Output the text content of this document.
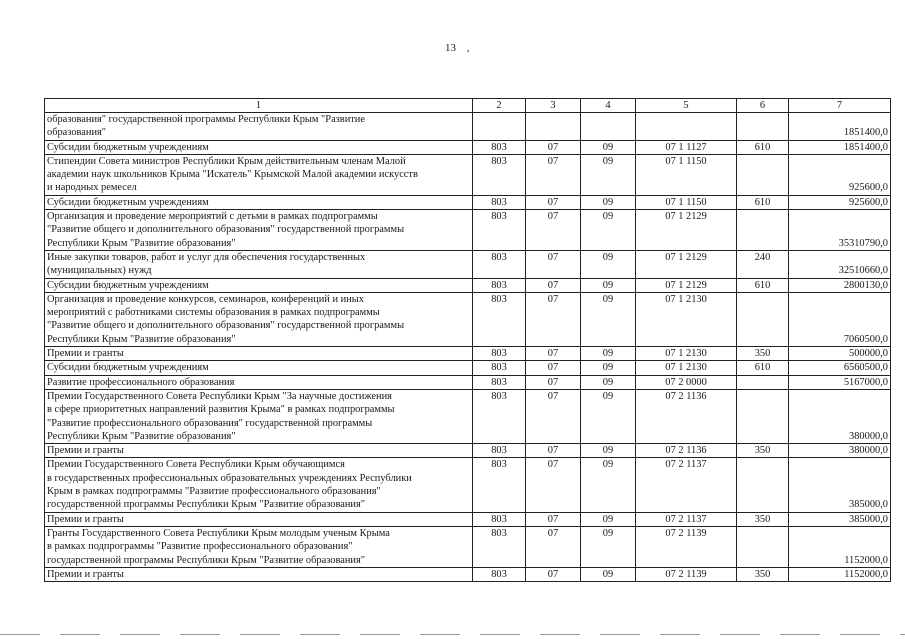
13 ,
1	2	3	4	5	6	7
образования" государственной программы Республики Крым "Развитие
образования"						1851400,0
Субсидии бюджетным учреждениям	803	07	09	07 1 1127	610	1851400,0
Стипендии Совета министров Республики Крым действительным членам Малой
академии наук школьников Крыма "Искатель" Крымской Малой академии искусств
и народных ремесел	803	07	09	07 1 1150		925600,0
Субсидии бюджетным учреждениям	803	07	09	07 1 1150	610	925600,0
Организация и проведение мероприятий с детьми в рамках подпрограммы
"Развитие общего и дополнительного образования" государственной программы
Республики Крым "Развитие образования"	803	07	09	07 1 2129		35310790,0
Иные закупки товаров, работ и услуг для обеспечения государственных
(муниципальных) нужд	803	07	09	07 1 2129	240	32510660,0
Субсидии бюджетным учреждениям	803	07	09	07 1 2129	610	2800130,0
Организация и проведение конкурсов, семинаров, конференций и иных
мероприятий с работниками системы образования в рамках подпрограммы
"Развитие общего и дополнительного образования" государственной программы
Республики Крым "Развитие образования"	803	07	09	07 1 2130		7060500,0
Премии и гранты	803	07	09	07 1 2130	350	500000,0
Субсидии бюджетным учреждениям	803	07	09	07 1 2130	610	6560500,0
Развитие профессионального образования	803	07	09	07 2 0000		5167000,0
Премии Государственного Совета Республики Крым "За научные достижения
в сфере приоритетных направлений развития Крыма" в рамках подпрограммы
"Развитие профессионального образования" государственной программы
Республики Крым "Развитие образования"	803	07	09	07 2 1136		380000,0
Премии и гранты	803	07	09	07 2 1136	350	380000,0
Премии Государственного Совета Республики Крым обучающимся
в государственных профессиональных образовательных учреждениях Республики
Крым в рамках подпрограммы "Развитие профессионального образования"
государственной программы Республики Крым "Развитие образования"	803	07	09	07 2 1137		385000,0
Премии и гранты	803	07	09	07 2 1137	350	385000,0
Гранты Государственного Совета Республики Крым молодым ученым Крыма
в рамках подпрограммы "Развитие профессионального образования"
государственной программы Республики Крым "Развитие образования"	803	07	09	07 2 1139		1152000,0
Премии и гранты	803	07	09	07 2 1139	350	1152000,0
